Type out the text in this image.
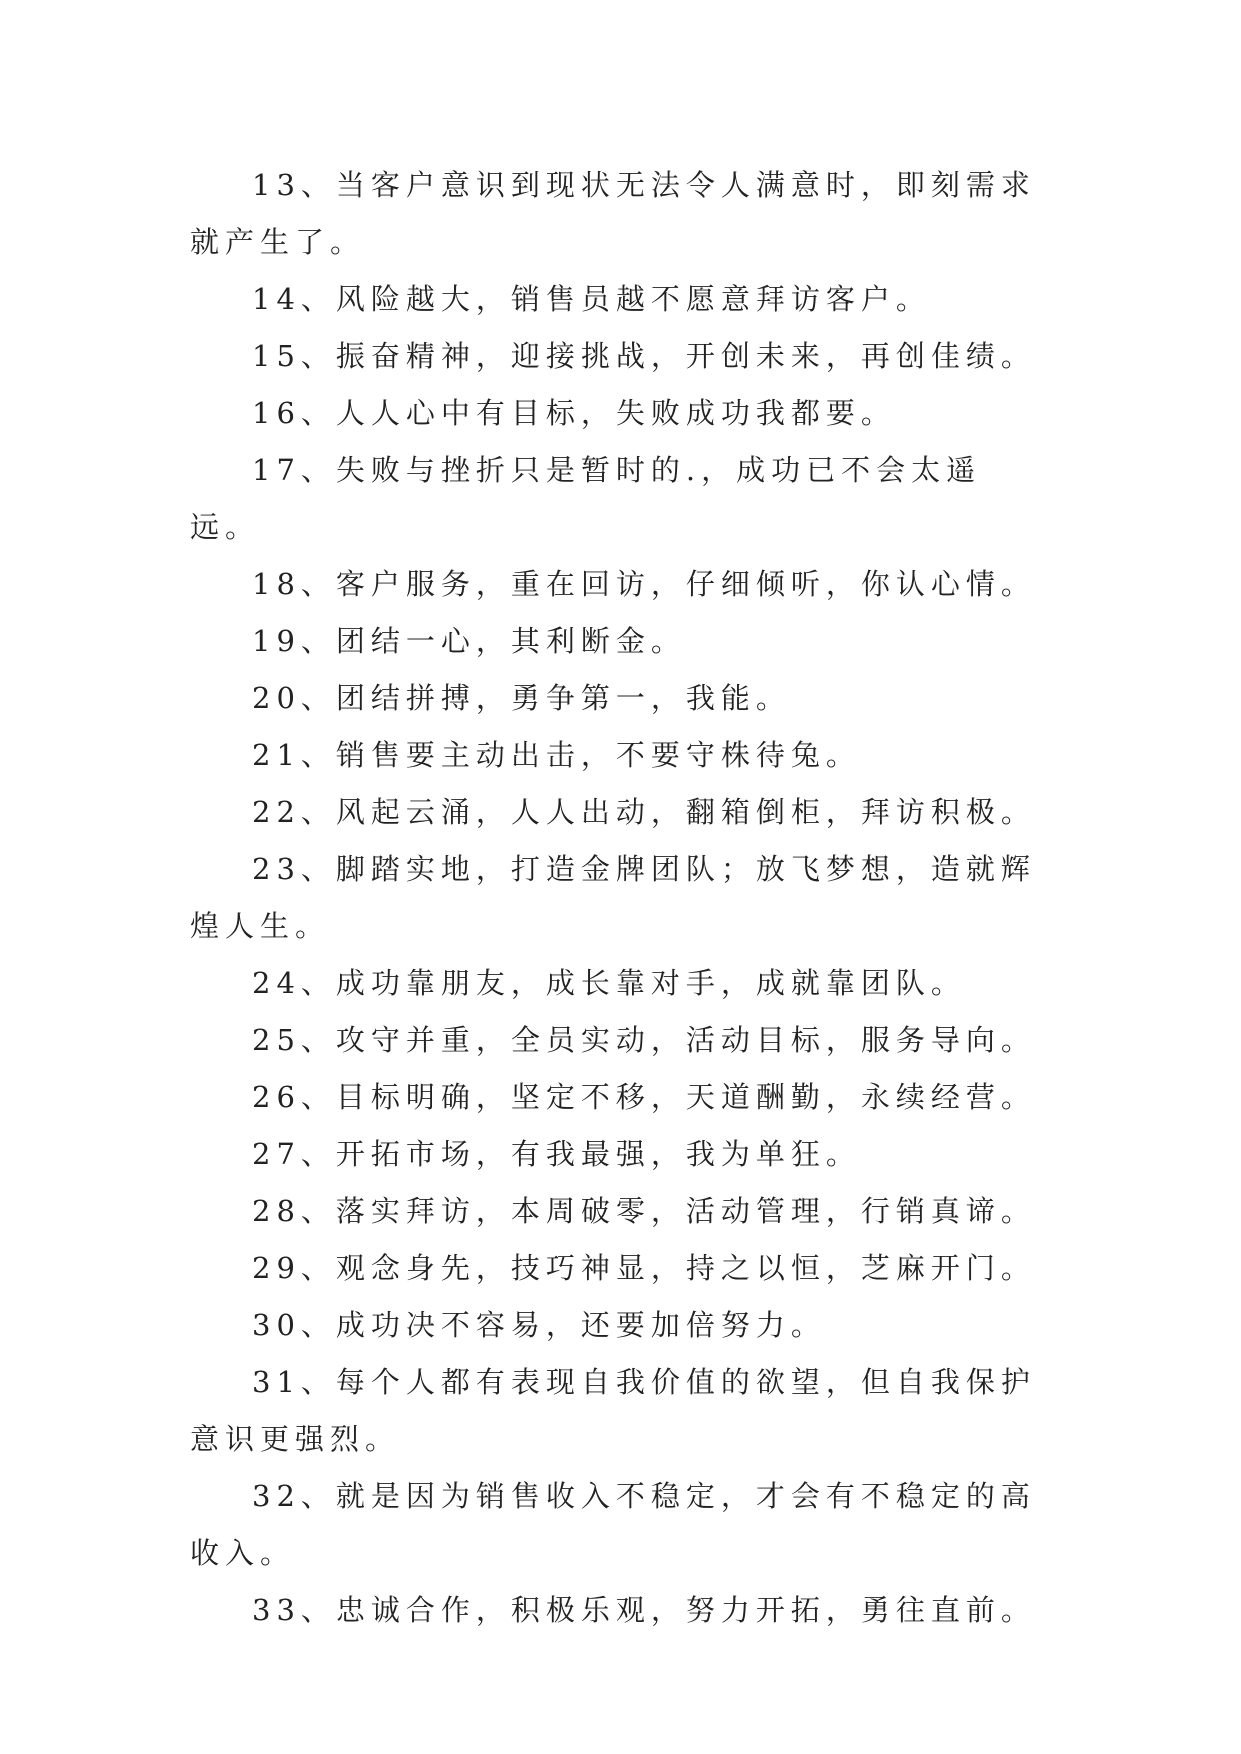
13、当客户意识到现状无法令人满意时，即刻需求就产生了。

14、风险越大，销售员越不愿意拜访客户。

15、振奋精神，迎接挑战，开创未来，再创佳绩。

16、人人心中有目标，失败成功我都要。

17、失败与挫折只是暂时的.，成功已不会太遥远。

18、客户服务，重在回访，仔细倾听，你认心情。

19、团结一心，其利断金。

20、团结拼搏，勇争第一，我能。

21、销售要主动出击，不要守株待兔。

22、风起云涌，人人出动，翻箱倒柜，拜访积极。

23、脚踏实地，打造金牌团队；放飞梦想，造就辉煌人生。

24、成功靠朋友，成长靠对手，成就靠团队。

25、攻守并重，全员实动，活动目标，服务导向。

26、目标明确，坚定不移，天道酬勤，永续经营。

27、开拓市场，有我最强，我为单狂。

28、落实拜访，本周破零，活动管理，行销真谛。

29、观念身先，技巧神显，持之以恒，芝麻开门。

30、成功决不容易，还要加倍努力。

31、每个人都有表现自我价值的欲望，但自我保护意识更强烈。

32、就是因为销售收入不稳定，才会有不稳定的高收入。

33、忠诚合作，积极乐观，努力开拓，勇往直前。
